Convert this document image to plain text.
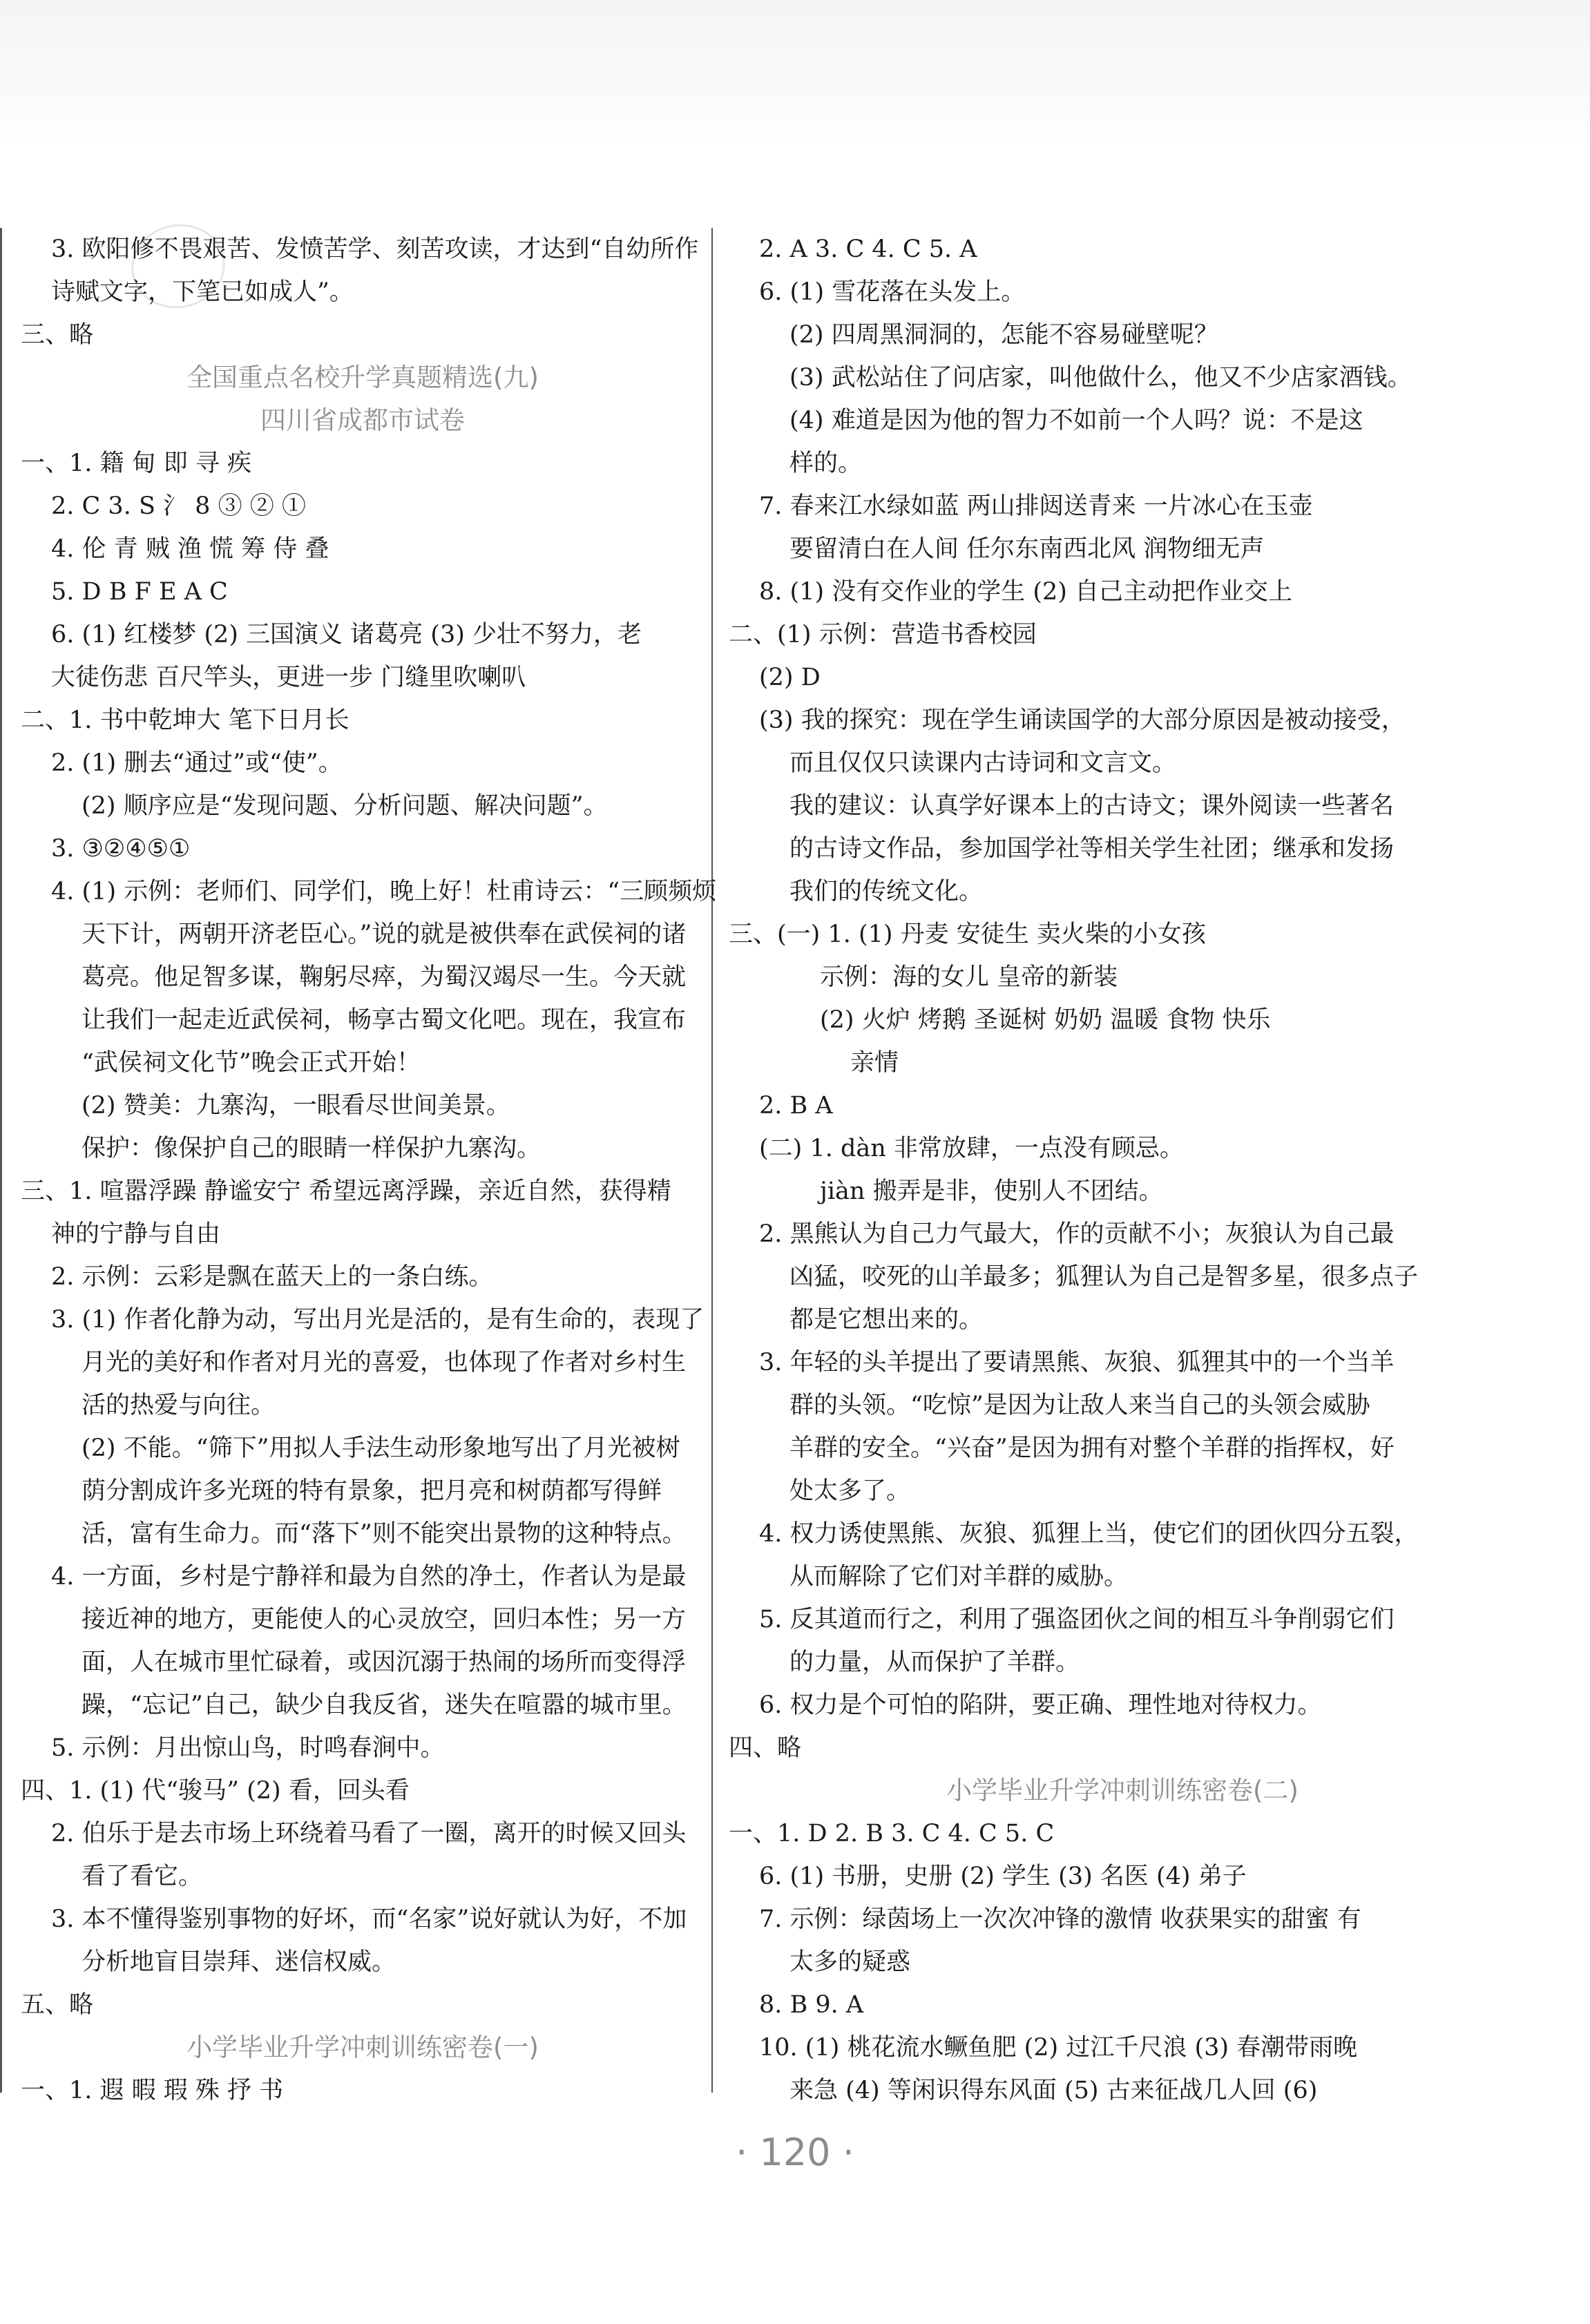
3. 欧阳修不畏艰苦、发愤苦学、刻苦攻读，才达到“自幼所作
诗赋文字，下笔已如成人”。
三、略
全国重点名校升学真题精选(九)
四川省成都市试卷
一、1. 籍 甸 即 寻 疾
2. C 3. S 氵 8 ③ ② ①
4. 伦 青 贼 渔 慌 筹 侍 叠
5. D B F E A C
6. (1) 红楼梦 (2) 三国演义 诸葛亮 (3) 少壮不努力，老
大徒伤悲 百尺竿头，更进一步 门缝里吹喇叭
二、1. 书中乾坤大 笔下日月长
2. (1) 删去“通过”或“使”。
(2) 顺序应是“发现问题、分析问题、解决问题”。
3. ③②④⑤①
4. (1) 示例：老师们、同学们，晚上好！杜甫诗云：“三顾频烦
天下计，两朝开济老臣心。”说的就是被供奉在武侯祠的诸
葛亮。他足智多谋，鞠躬尽瘁，为蜀汉竭尽一生。今天就
让我们一起走近武侯祠，畅享古蜀文化吧。现在，我宣布
“武侯祠文化节”晚会正式开始！
(2) 赞美：九寨沟，一眼看尽世间美景。
保护：像保护自己的眼睛一样保护九寨沟。
三、1. 喧嚣浮躁 静谧安宁 希望远离浮躁，亲近自然，获得精
神的宁静与自由
2. 示例：云彩是飘在蓝天上的一条白练。
3. (1) 作者化静为动，写出月光是活的，是有生命的，表现了
月光的美好和作者对月光的喜爱，也体现了作者对乡村生
活的热爱与向往。
(2) 不能。“筛下”用拟人手法生动形象地写出了月光被树
荫分割成许多光斑的特有景象，把月亮和树荫都写得鲜
活，富有生命力。而“落下”则不能突出景物的这种特点。
4. 一方面，乡村是宁静祥和最为自然的净土，作者认为是最
接近神的地方，更能使人的心灵放空，回归本性；另一方
面，人在城市里忙碌着，或因沉溺于热闹的场所而变得浮
躁，“忘记”自己，缺少自我反省，迷失在喧嚣的城市里。
5. 示例：月出惊山鸟，时鸣春涧中。
四、1. (1) 代“骏马” (2) 看，回头看
2. 伯乐于是去市场上环绕着马看了一圈，离开的时候又回头
看了看它。
3. 本不懂得鉴别事物的好坏，而“名家”说好就认为好，不加
分析地盲目崇拜、迷信权威。
五、略
小学毕业升学冲刺训练密卷(一)
一、1. 遐 暇 瑕 殊 抒 书
2. A 3. C 4. C 5. A
6. (1) 雪花落在头发上。
(2) 四周黑洞洞的，怎能不容易碰壁呢？
(3) 武松站住了问店家，叫他做什么，他又不少店家酒钱。
(4) 难道是因为他的智力不如前一个人吗？说：不是这
样的。
7. 春来江水绿如蓝 两山排闼送青来 一片冰心在玉壶
要留清白在人间 任尔东南西北风 润物细无声
8. (1) 没有交作业的学生 (2) 自己主动把作业交上
二、(1) 示例：营造书香校园
(2) D
(3) 我的探究：现在学生诵读国学的大部分原因是被动接受，
而且仅仅只读课内古诗词和文言文。
我的建议：认真学好课本上的古诗文；课外阅读一些著名
的古诗文作品，参加国学社等相关学生社团；继承和发扬
我们的传统文化。
三、(一) 1. (1) 丹麦 安徒生 卖火柴的小女孩
示例：海的女儿 皇帝的新装
(2) 火炉 烤鹅 圣诞树 奶奶 温暖 食物 快乐
亲情
2. B A
(二) 1. dàn 非常放肆，一点没有顾忌。
jiàn 搬弄是非，使别人不团结。
2. 黑熊认为自己力气最大，作的贡献不小；灰狼认为自己最
凶猛，咬死的山羊最多；狐狸认为自己是智多星，很多点子
都是它想出来的。
3. 年轻的头羊提出了要请黑熊、灰狼、狐狸其中的一个当羊
群的头领。“吃惊”是因为让敌人来当自己的头领会威胁
羊群的安全。“兴奋”是因为拥有对整个羊群的指挥权，好
处太多了。
4. 权力诱使黑熊、灰狼、狐狸上当，使它们的团伙四分五裂，
从而解除了它们对羊群的威胁。
5. 反其道而行之，利用了强盗团伙之间的相互斗争削弱它们
的力量，从而保护了羊群。
6. 权力是个可怕的陷阱，要正确、理性地对待权力。
四、略
小学毕业升学冲刺训练密卷(二)
一、1. D 2. B 3. C 4. C 5. C
6. (1) 书册，史册 (2) 学生 (3) 名医 (4) 弟子
7. 示例：绿茵场上一次次冲锋的激情 收获果实的甜蜜 有
太多的疑惑
8. B 9. A
10. (1) 桃花流水鳜鱼肥 (2) 过江千尺浪 (3) 春潮带雨晚
来急 (4) 等闲识得东风面 (5) 古来征战几人回 (6)
· 120 ·
